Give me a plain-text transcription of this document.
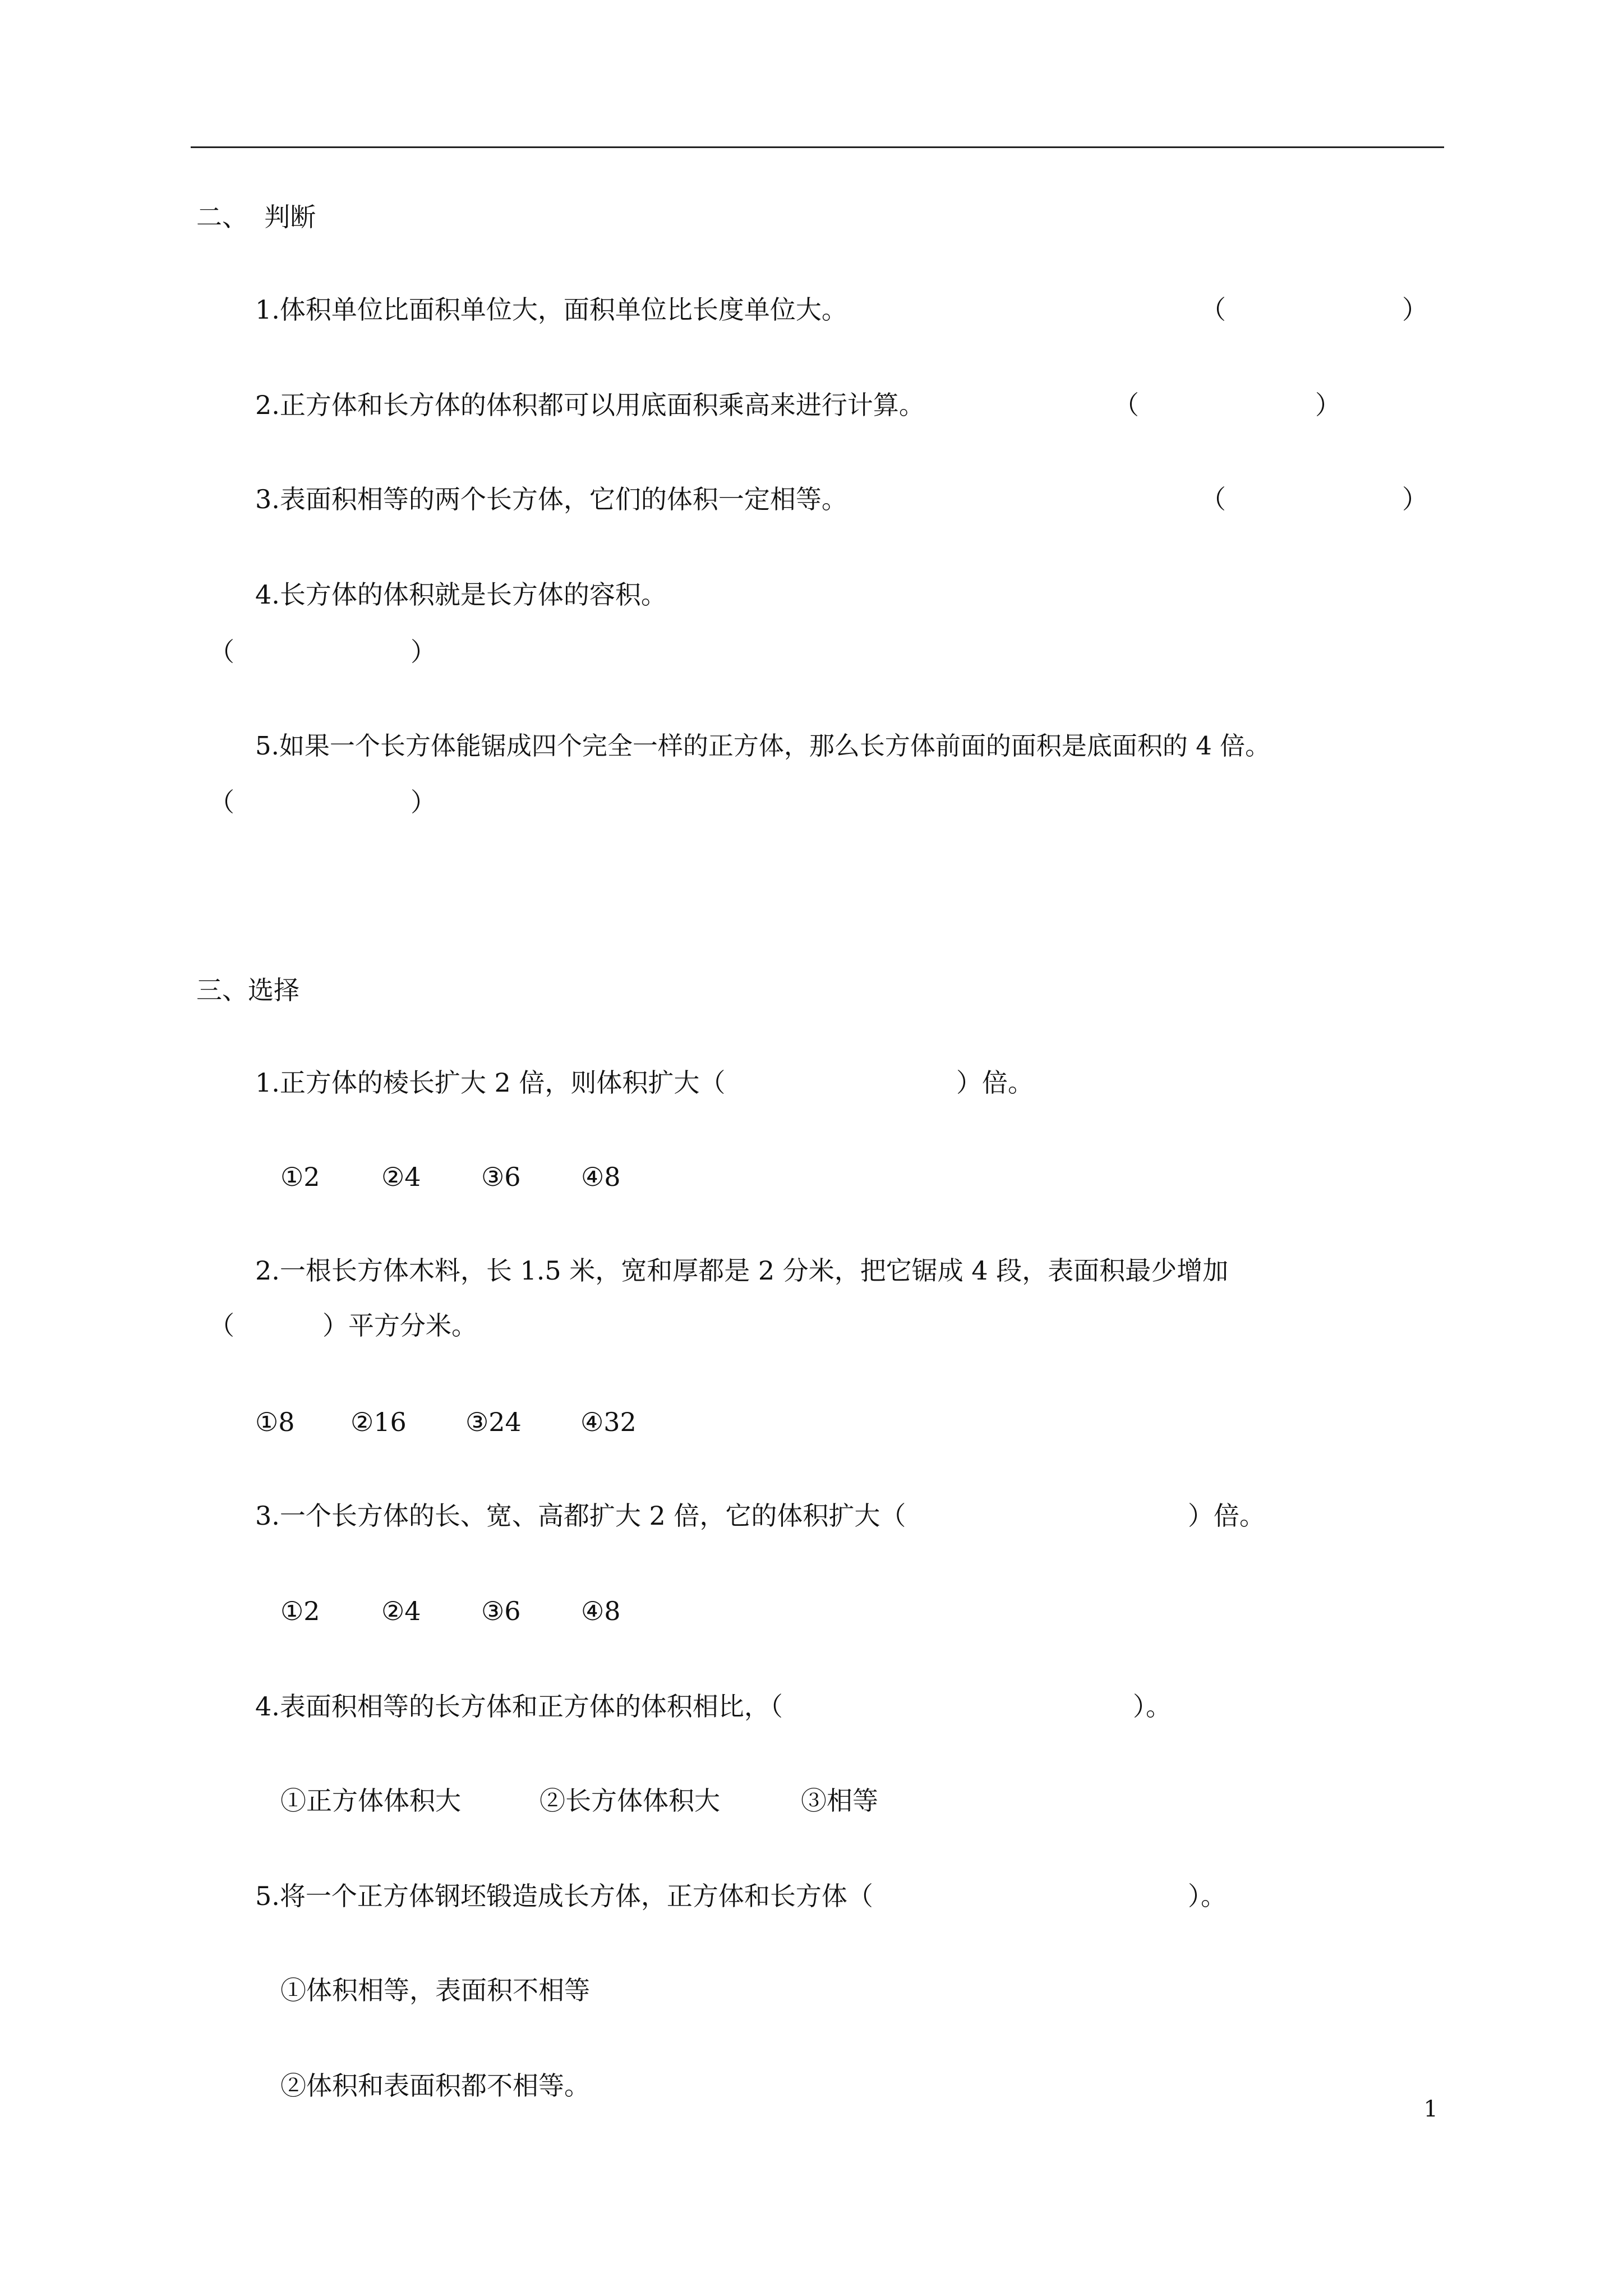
二、  判断
1.体积单位比面积单位大，面积单位比长度单位大。	（	）
2.正方体和长方体的体积都可以用底面积乘高来进行计算。	（	）
3.表面积相等的两个长方体，它们的体积一定相等。	（	）
4.长方体的体积就是长方体的容积。
（	）
5.如果一个长方体能锯成四个完全一样的正方体，那么长方体前面的面积是底面积的 4 倍。
（	）
三、选择
1.正方体的棱长扩大 2 倍，则体积扩大（	）倍。
①2 ②4 ③6 ④8
2.一根长方体木料，长 1.5 米，宽和厚都是 2 分米，把它锯成 4 段，表面积最少增加
（	）平方分米。
①8 ②16 ③24 ④32
3.一个长方体的长、宽、高都扩大 2 倍，它的体积扩大（	）倍。
①2 ②4 ③6 ④8
4.表面积相等的长方体和正方体的体积相比，（	）。
①正方体体积大	②长方体体积大	③相等
5.将一个正方体钢坯锻造成长方体，正方体和长方体（	）。
①体积相等，表面积不相等
②体积和表面积都不相等。
1
